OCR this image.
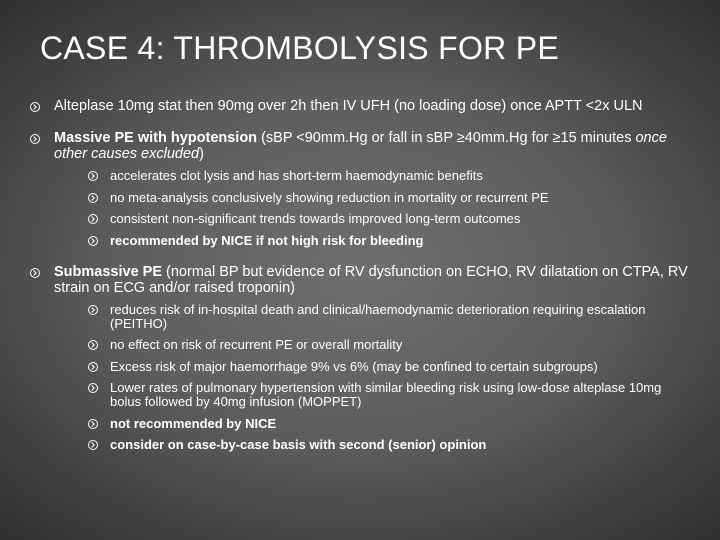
CASE 4: THROMBOLYSIS FOR PE
Alteplase 10mg stat then 90mg over 2h then IV UFH (no loading dose) once APTT <2x ULN
Massive PE with hypotension (sBP <90mm.Hg or fall in sBP ≥40mm.Hg for ≥15 minutes once other causes excluded)
accelerates clot lysis and has short-term haemodynamic benefits
no meta-analysis conclusively showing reduction in mortality or recurrent PE
consistent non-significant trends towards improved long-term outcomes
recommended by NICE if not high risk for bleeding
Submassive PE (normal BP but evidence of RV dysfunction on ECHO, RV dilatation on CTPA, RV strain on ECG and/or raised troponin)
reduces risk of in-hospital death and clinical/haemodynamic deterioration requiring escalation (PEITHO)
no effect on risk of recurrent PE or overall mortality
Excess risk of major haemorrhage 9% vs 6% (may be confined to certain subgroups)
Lower rates of pulmonary hypertension with similar bleeding risk using low-dose alteplase 10mg bolus followed by 40mg infusion (MOPPET)
not recommended by NICE
consider on case-by-case basis with second (senior) opinion
